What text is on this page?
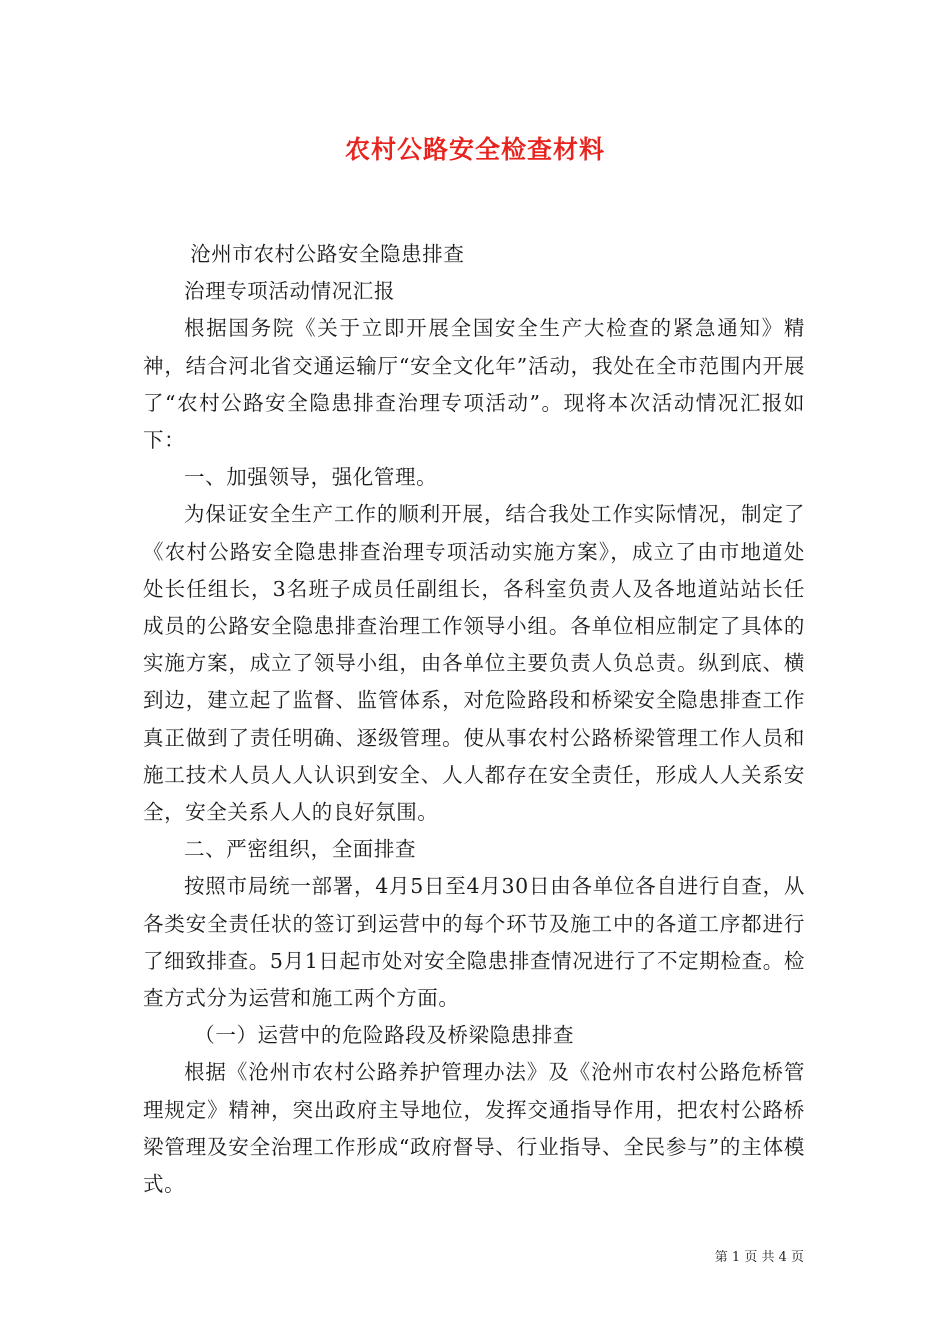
农村公路安全检查材料

沧州市农村公路安全隐患排查

治理专项活动情况汇报

根据国务院《关于立即开展全国安全生产大检查的紧急通知》精神，结合河北省交通运输厅“安全文化年”活动，我处在全市范围内开展了“农村公路安全隐患排查治理专项活动”。现将本次活动情况汇报如下：

一、加强领导，强化管理。

为保证安全生产工作的顺利开展，结合我处工作实际情况，制定了《农村公路安全隐患排查治理专项活动实施方案》，成立了由市地道处处长任组长，3名班子成员任副组长，各科室负责人及各地道站站长任成员的公路安全隐患排查治理工作领导小组。各单位相应制定了具体的实施方案，成立了领导小组，由各单位主要负责人负总责。纵到底、横到边，建立起了监督、监管体系，对危险路段和桥梁安全隐患排查工作真正做到了责任明确、逐级管理。使从事农村公路桥梁管理工作人员和施工技术人员人人认识到安全、人人都存在安全责任，形成人人关系安全，安全关系人人的良好氛围。

二、严密组织，全面排查

按照市局统一部署，4月5日至4月30日由各单位各自进行自查，从各类安全责任状的签订到运营中的每个环节及施工中的各道工序都进行了细致排查。5月1日起市处对安全隐患排查情况进行了不定期检查。检查方式分为运营和施工两个方面。

（一）运营中的危险路段及桥梁隐患排查

根据《沧州市农村公路养护管理办法》及《沧州市农村公路危桥管理规定》精神，突出政府主导地位，发挥交通指导作用，把农村公路桥梁管理及安全治理工作形成“政府督导、行业指导、全民参与”的主体模式。

第 1 页 共 4 页
